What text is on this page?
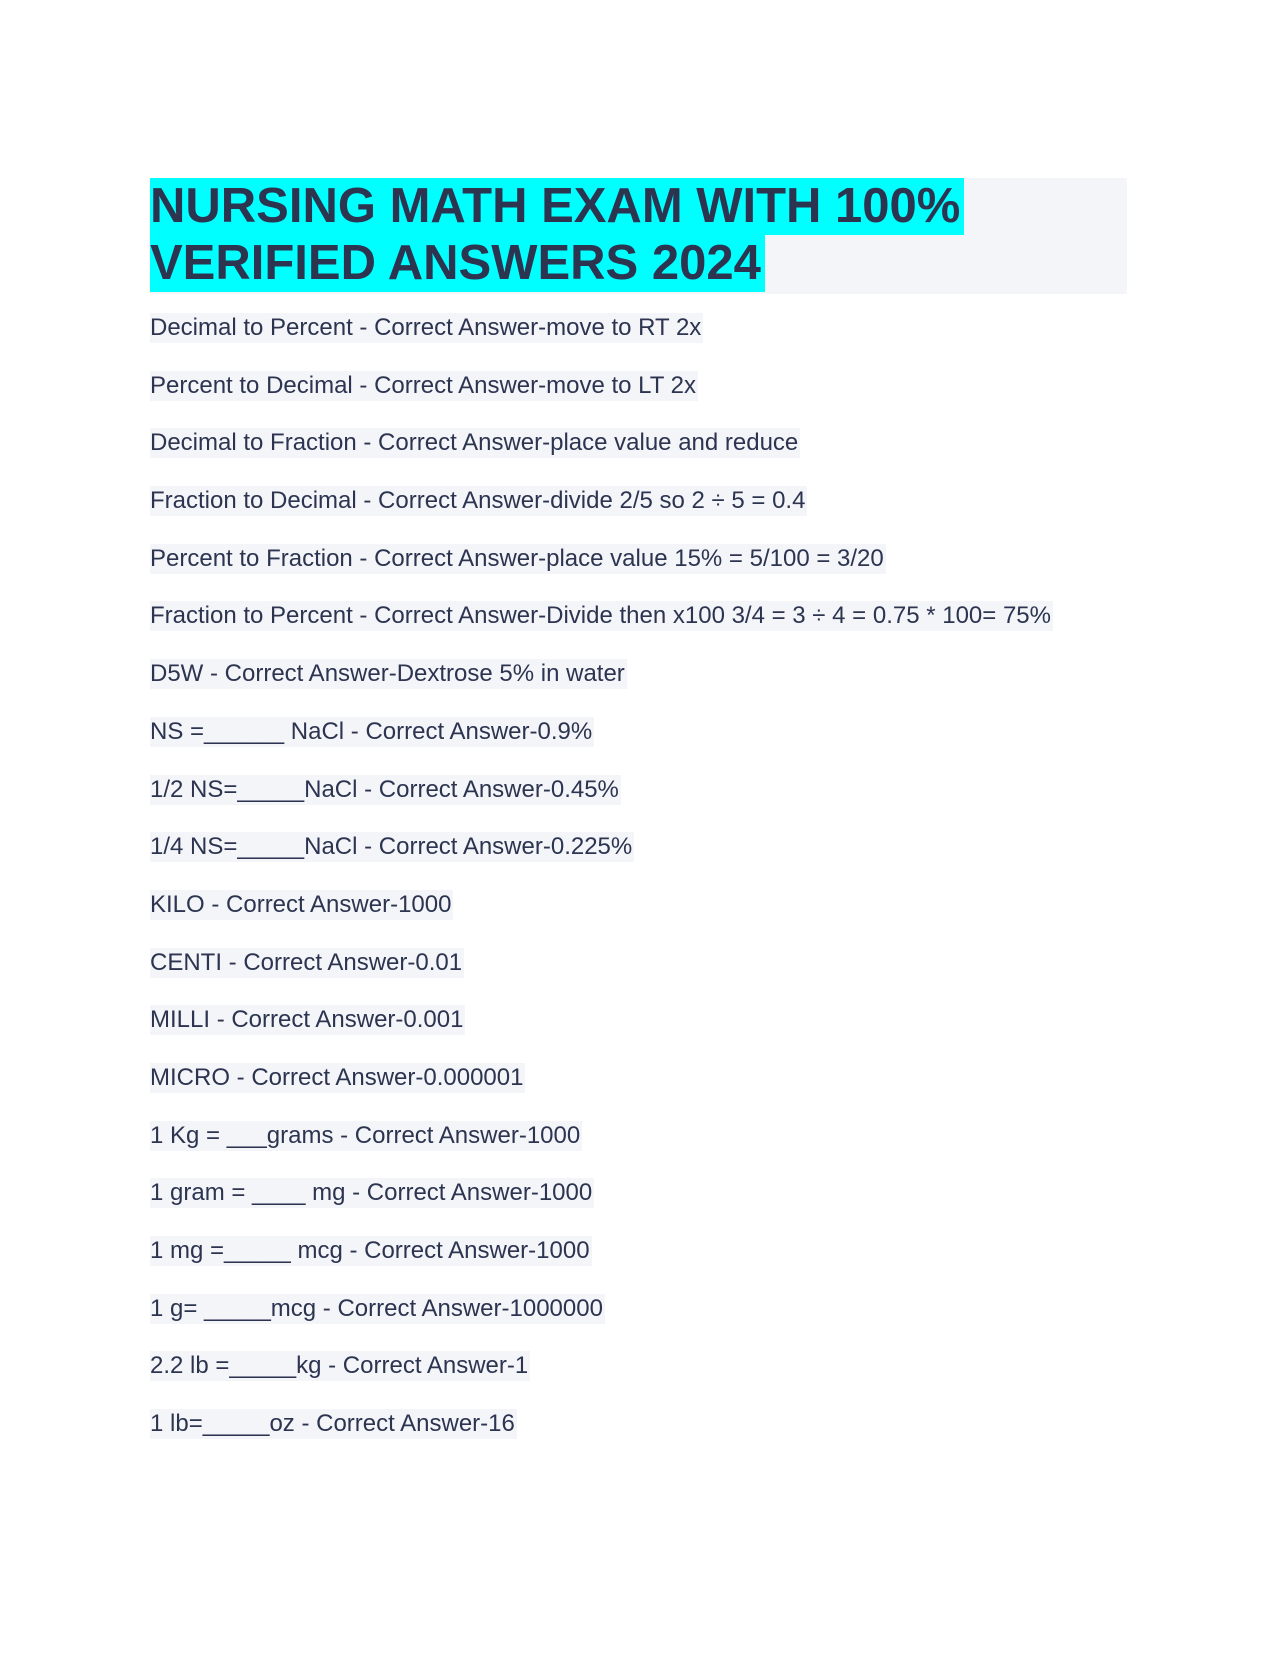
NURSING MATH EXAM WITH 100%
VERIFIED ANSWERS 2024
Decimal to Percent - Correct Answer-move to RT 2x
Percent to Decimal - Correct Answer-move to LT 2x
Decimal to Fraction - Correct Answer-place value and reduce
Fraction to Decimal - Correct Answer-divide 2/5 so 2 ÷ 5 = 0.4
Percent to Fraction - Correct Answer-place value 15% = 5/100 = 3/20
Fraction to Percent - Correct Answer-Divide then x100 3/4 = 3 ÷ 4 = 0.75 * 100= 75%
D5W - Correct Answer-Dextrose 5% in water
NS =______ NaCl - Correct Answer-0.9%
1/2 NS=_____NaCl - Correct Answer-0.45%
1/4 NS=_____NaCl - Correct Answer-0.225%
KILO - Correct Answer-1000
CENTI - Correct Answer-0.01
MILLI - Correct Answer-0.001
MICRO - Correct Answer-0.000001
1 Kg = ___grams - Correct Answer-1000
1 gram = ____ mg - Correct Answer-1000
1 mg =_____ mcg - Correct Answer-1000
1 g= _____mcg - Correct Answer-1000000
2.2 lb =_____kg - Correct Answer-1
1 lb=_____oz - Correct Answer-16
